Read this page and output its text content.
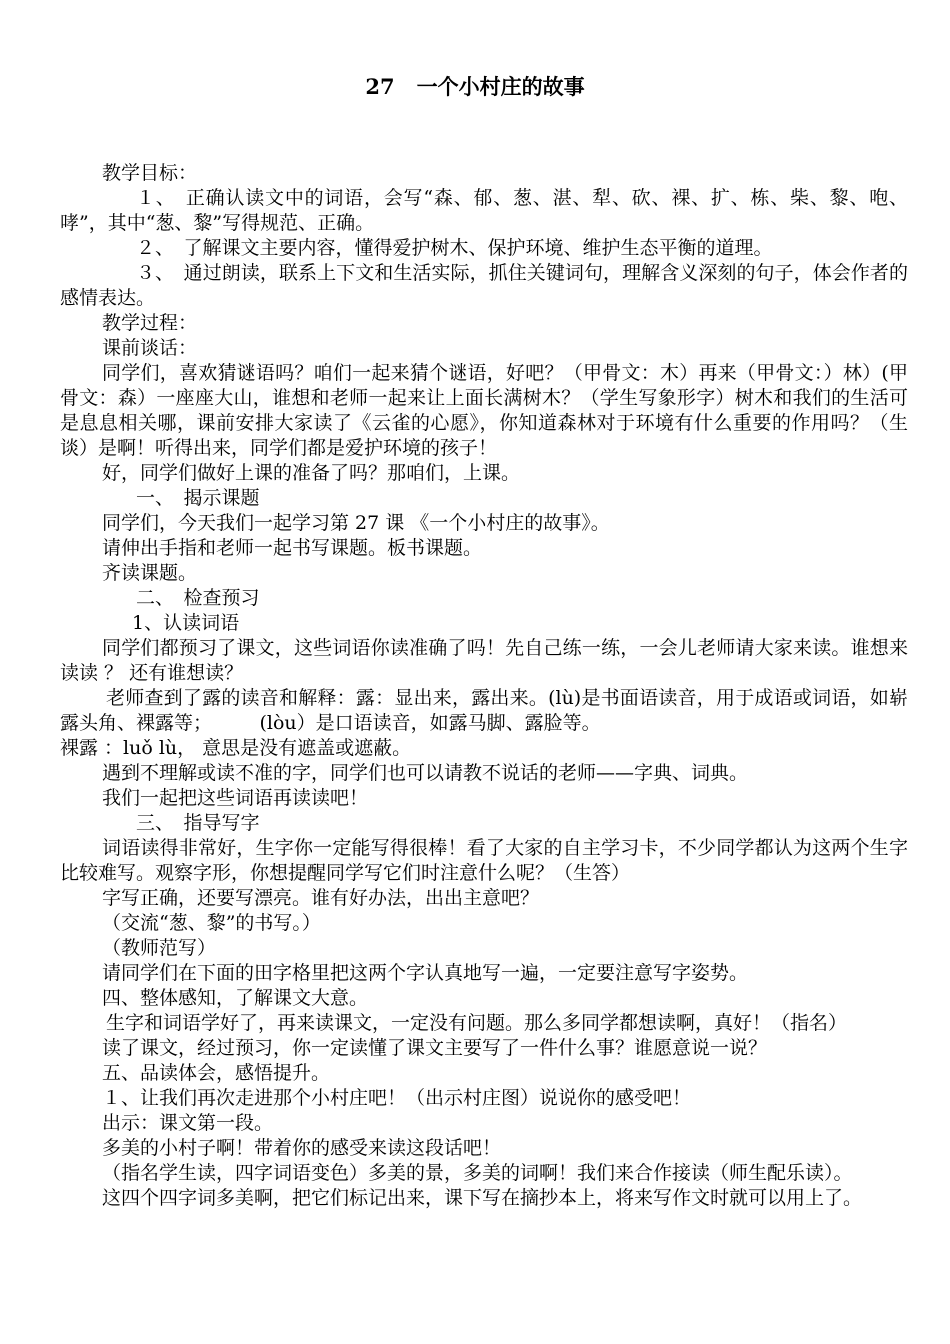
27 一个小村庄的故事

教学目标：

１、　正确认读文中的词语，会写“森、郁、葱、湛、犁、砍、裸、扩、栋、柴、黎、咆、哮”，其中“葱、黎”写得规范、正确。

２、　了解课文主要内容，懂得爱护树木、保护环境、维护生态平衡的道理。

３、　通过朗读，联系上下文和生活实际，抓住关键词句，理解含义深刻的句子，体会作者的感情表达。

教学过程：

课前谈话：

同学们，喜欢猜谜语吗？咱们一起来猜个谜语，好吧？（甲骨文：木）再来（甲骨文：）林）(甲骨文：森）一座座大山，谁想和老师一起来让上面长满树木？（学生写象形字）树木和我们的生活可是息息相关哪，课前安排大家读了《云雀的心愿》，你知道森林对于环境有什么重要的作用吗？（生谈）是啊！听得出来，同学们都是爱护环境的孩子！

好，同学们做好上课的准备了吗？那咱们，上课。

一、　揭示课题

同学们，今天我们一起学习第 27 课 《一个小村庄的故事》。

请伸出手指和老师一起书写课题。板书课题。

齐读课题。

二、　检查预习

1、认读词语

同学们都预习了课文，这些词语你读准确了吗！先自己练一练，一会儿老师请大家来读。谁想来读读 ？ 还有谁想读？

老师查到了露的读音和解释：露：显出来，露出来。(lù)是书面语读音，用于成语或词语，如崭露头角、裸露等；　　　(lòu）是口语读音，如露马脚、露脸等。

裸露 ：luǒ lù， 意思是没有遮盖或遮蔽。

遇到不理解或读不准的字，同学们也可以请教不说话的老师——字典、词典。

我们一起把这些词语再读读吧！

三、　指导写字

词语读得非常好，生字你一定能写得很棒！看了大家的自主学习卡，不少同学都认为这两个生字比较难写。观察字形，你想提醒同学写它们时注意什么呢？（生答）

字写正确，还要写漂亮。谁有好办法，出出主意吧？

（交流“葱、黎”的书写。）

（教师范写）

请同学们在下面的田字格里把这两个字认真地写一遍，一定要注意写字姿势。

四、整体感知，了解课文大意。

生字和词语学好了，再来读课文，一定没有问题。那么多同学都想读啊，真好！（指名）

读了课文，经过预习，你一定读懂了课文主要写了一件什么事？谁愿意说一说？

五、品读体会，感悟提升。

１、让我们再次走进那个小村庄吧！（出示村庄图）说说你的感受吧！

出示：课文第一段。

多美的小村子啊！带着你的感受来读这段话吧！

（指名学生读，四字词语变色）多美的景，多美的词啊！我们来合作接读（师生配乐读）。

这四个四字词多美啊，把它们标记出来，课下写在摘抄本上，将来写作文时就可以用上了。
